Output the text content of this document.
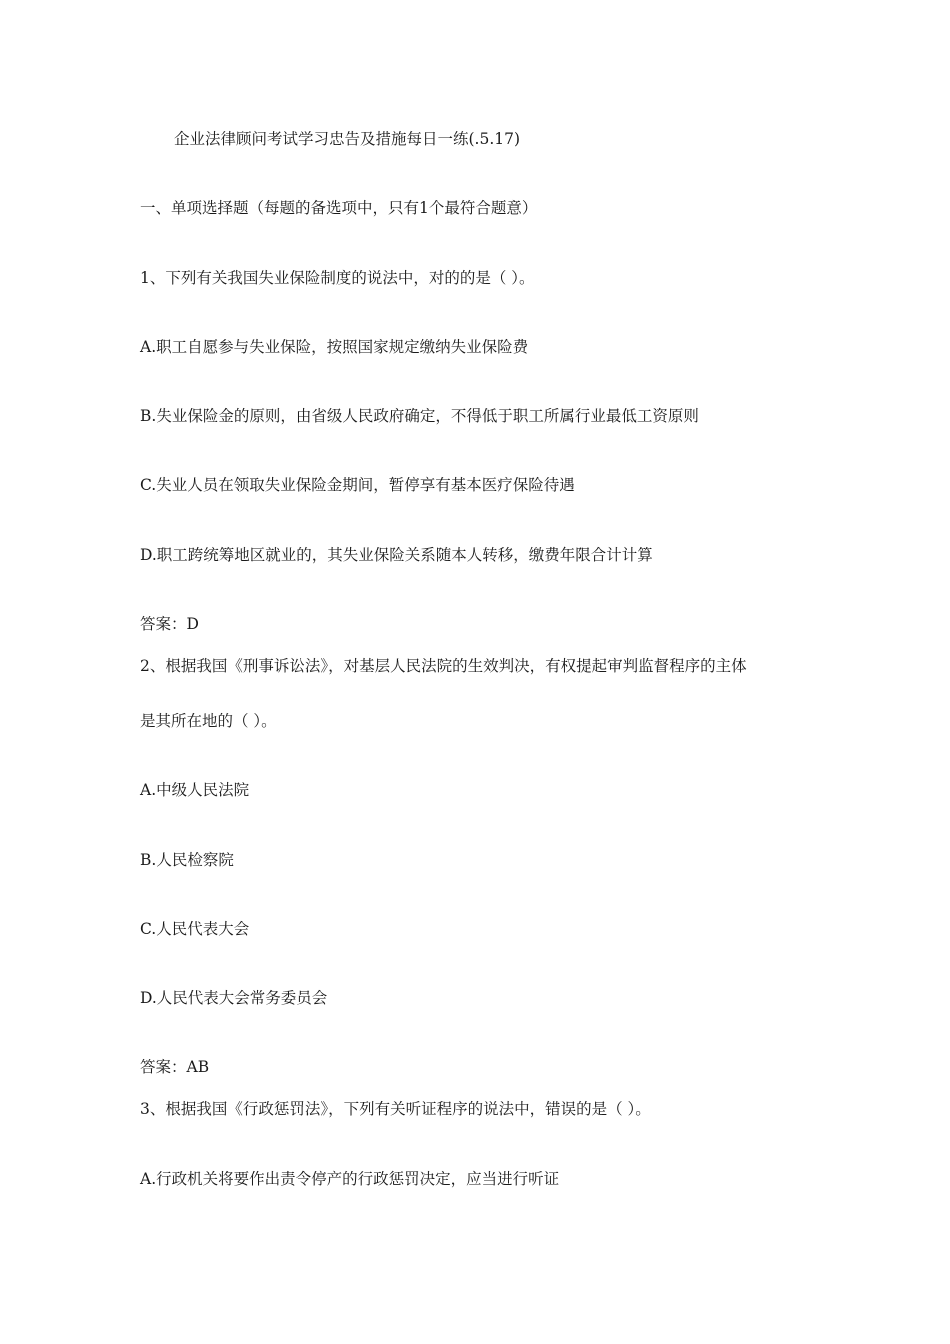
企业法律顾问考试学习忠告及措施每日一练(.5.17)

一、单项选择题（每题的备选项中，只有1个最符合题意）

1、下列有关我国失业保险制度的说法中，对的的是（ ）。

A.职工自愿参与失业保险，按照国家规定缴纳失业保险费

B.失业保险金的原则，由省级人民政府确定，不得低于职工所属行业最低工资原则

C.失业人员在领取失业保险金期间，暂停享有基本医疗保险待遇

D.职工跨统筹地区就业的，其失业保险关系随本人转移，缴费年限合计计算

答案：D

2、根据我国《刑事诉讼法》，对基层人民法院的生效判决，有权提起审判监督程序的主体

是其所在地的（ ）。

A.中级人民法院

B.人民检察院

C.人民代表大会

D.人民代表大会常务委员会

答案：AB

3、根据我国《行政惩罚法》，下列有关听证程序的说法中，错误的是（ ）。

A.行政机关将要作出责令停产的行政惩罚决定，应当进行听证
